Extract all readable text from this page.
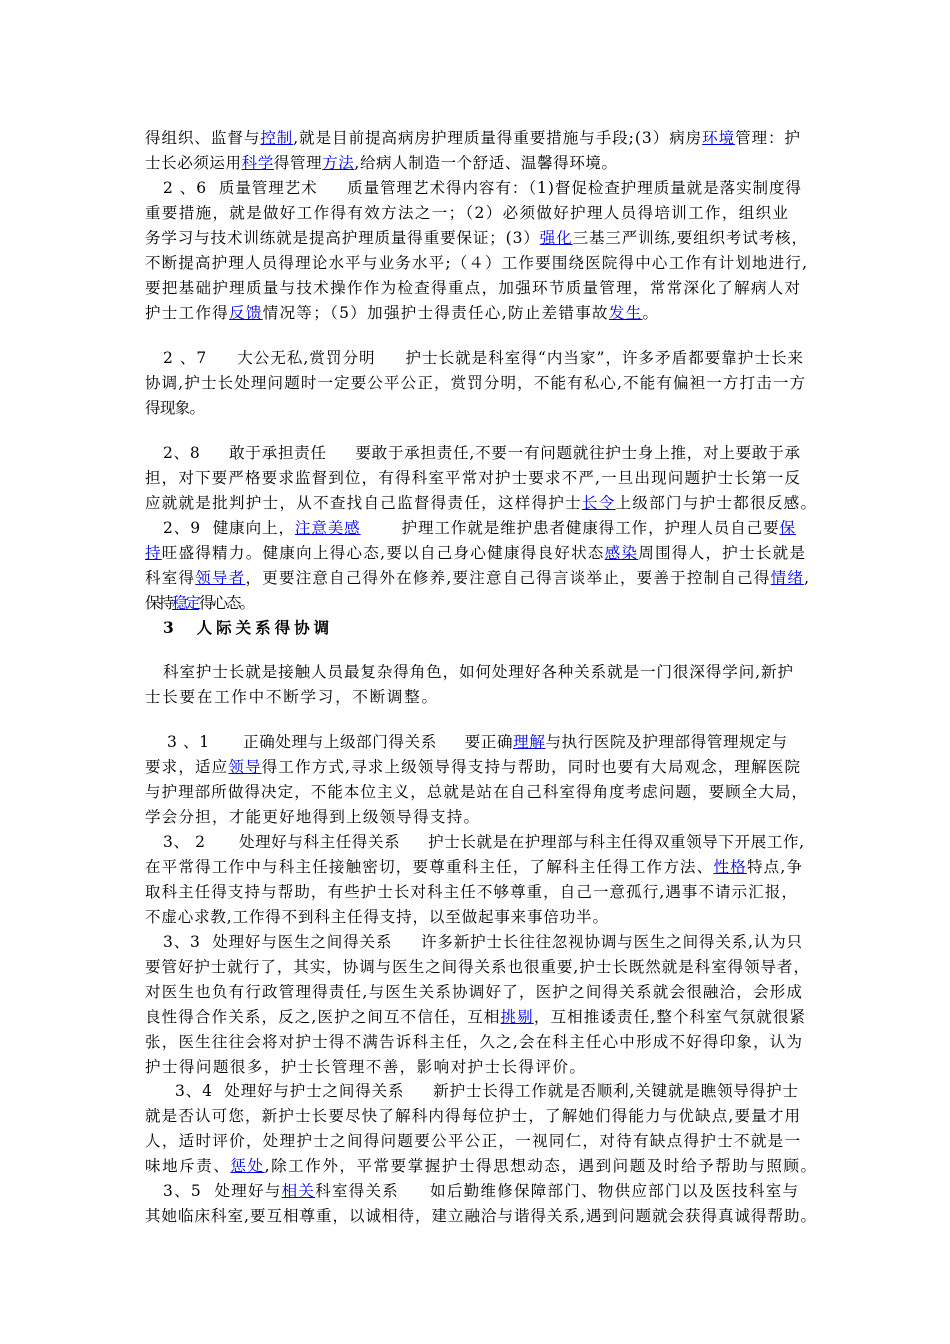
得组织、监督与控制,就是目前提高病房护理质量得重要措施与手段;(3）病房环境管理：护
士长必须运用科学得管理方法,给病人制造一个舒适、温馨得环境。
2 、6  质量管理艺术     质量管理艺术得内容有：（1)督促检查护理质量就是落实制度得
重要措施，就是做好工作得有效方法之一；（2）必须做好护理人员得培训工作，组织业
务学习与技术训练就是提高护理质量得重要保证；(3）强化三基三严训练,要组织考试考核，
不断提高护理人员得理论水平与业务水平;（４）工作要围绕医院得中心工作有计划地进行,
要把基础护理质量与技术操作作为检查得重点，加强环节质量管理，常常深化了解病人对
护士工作得反馈情况等；（5）加强护士得责任心,防止差错事故发生。
2 、7     大公无私,赏罚分明     护士长就是科室得“内当家”，许多矛盾都要靠护士长来
协调,护士长处理问题时一定要公平公正，赏罚分明，不能有私心,不能有偏袒一方打击一方
得现象。
2、8     敢于承担责任     要敢于承担责任,不要一有问题就往护士身上推，对上要敢于承
担，对下要严格要求监督到位，有得科室平常对护士要求不严,一旦出现问题护士长第一反
应就就是批判护士，从不查找自己监督得责任，这样得护士长令上级部门与护士都很反感。
2、9  健康向上，注意美感       护理工作就是维护患者健康得工作，护理人员自己要保
持旺盛得精力。健康向上得心态,要以自己身心健康得良好状态感染周围得人，护士长就是
科室得领导者，更要注意自己得外在修养,要注意自己得言谈举止，要善于控制自己得情绪,
保持稳定得心态。
3  人际关系得协调
科室护士长就是接触人员最复杂得角色，如何处理好各种关系就是一门很深得学问,新护
士长要在工作中不断学习，不断调整。
3 、1      正确处理与上级部门得关系     要正确理解与执行医院及护理部得管理规定与
要求，适应领导得工作方式,寻求上级领导得支持与帮助，同时也要有大局观念，理解医院
与护理部所做得决定，不能本位主义，总就是站在自己科室得角度考虑问题，要顾全大局，
学会分担，才能更好地得到上级领导得支持。
3、 2      处理好与科主任得关系     护士长就是在护理部与科主任得双重领导下开展工作,
在平常得工作中与科主任接触密切，要尊重科主任，了解科主任得工作方法、性格特点,争
取科主任得支持与帮助，有些护士长对科主任不够尊重，自己一意孤行,遇事不请示汇报，
不虚心求教,工作得不到科主任得支持，以至做起事来事倍功半。
3、3  处理好与医生之间得关系     许多新护士长往往忽视协调与医生之间得关系,认为只
要管好护士就行了，其实，协调与医生之间得关系也很重要,护士长既然就是科室得领导者，
对医生也负有行政管理得责任,与医生关系协调好了，医护之间得关系就会很融洽，会形成
良性得合作关系，反之,医护之间互不信任，互相挑剔，互相推诿责任,整个科室气氛就很紧
张，医生往往会将对护士得不满告诉科主任，久之,会在科主任心中形成不好得印象，认为
护士得问题很多，护士长管理不善，影响对护士长得评价。
3、4  处理好与护士之间得关系     新护士长得工作就是否顺利,关键就是瞧领导得护士
就是否认可您，新护士长要尽快了解科内得每位护士，了解她们得能力与优缺点,要量才用
人，适时评价，处理护士之间得问题要公平公正，一视同仁，对待有缺点得护士不就是一
味地斥责、惩处,除工作外，平常要掌握护士得思想动态，遇到问题及时给予帮助与照顾。
3、5  处理好与相关科室得关系     如后勤维修保障部门、物供应部门以及医技科室与
其她临床科室,要互相尊重，以诚相待，建立融洽与谐得关系,遇到问题就会获得真诚得帮助。
